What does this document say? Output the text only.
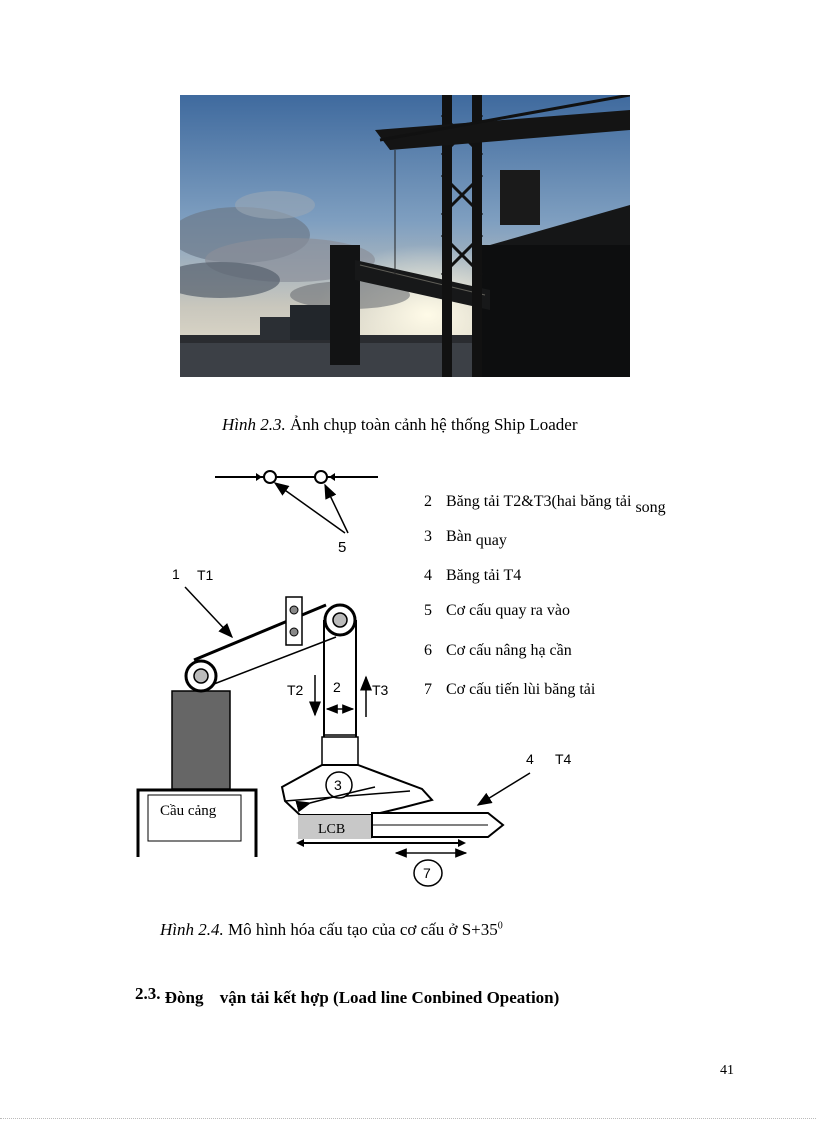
Hình 2.3. Ảnh chụp toàn cảnh hệ thống Ship Loader
5
1 T1
Cầu cảng
T2 2 T3
3
LCB
4 T4
7
2 Băng tải T2&T3(hai băng tải song
3 Bàn quay
4 Băng tải T4
5 Cơ cấu quay ra vào
6 Cơ cấu nâng hạ cần
7 Cơ cấu tiến lùi băng tải
Hình 2.4. Mô hình hóa cấu tạo của cơ cấu ở $S+35^0$
2.3. Đòng vận tải kết hợp (Load line Conbined Opeation)
41
